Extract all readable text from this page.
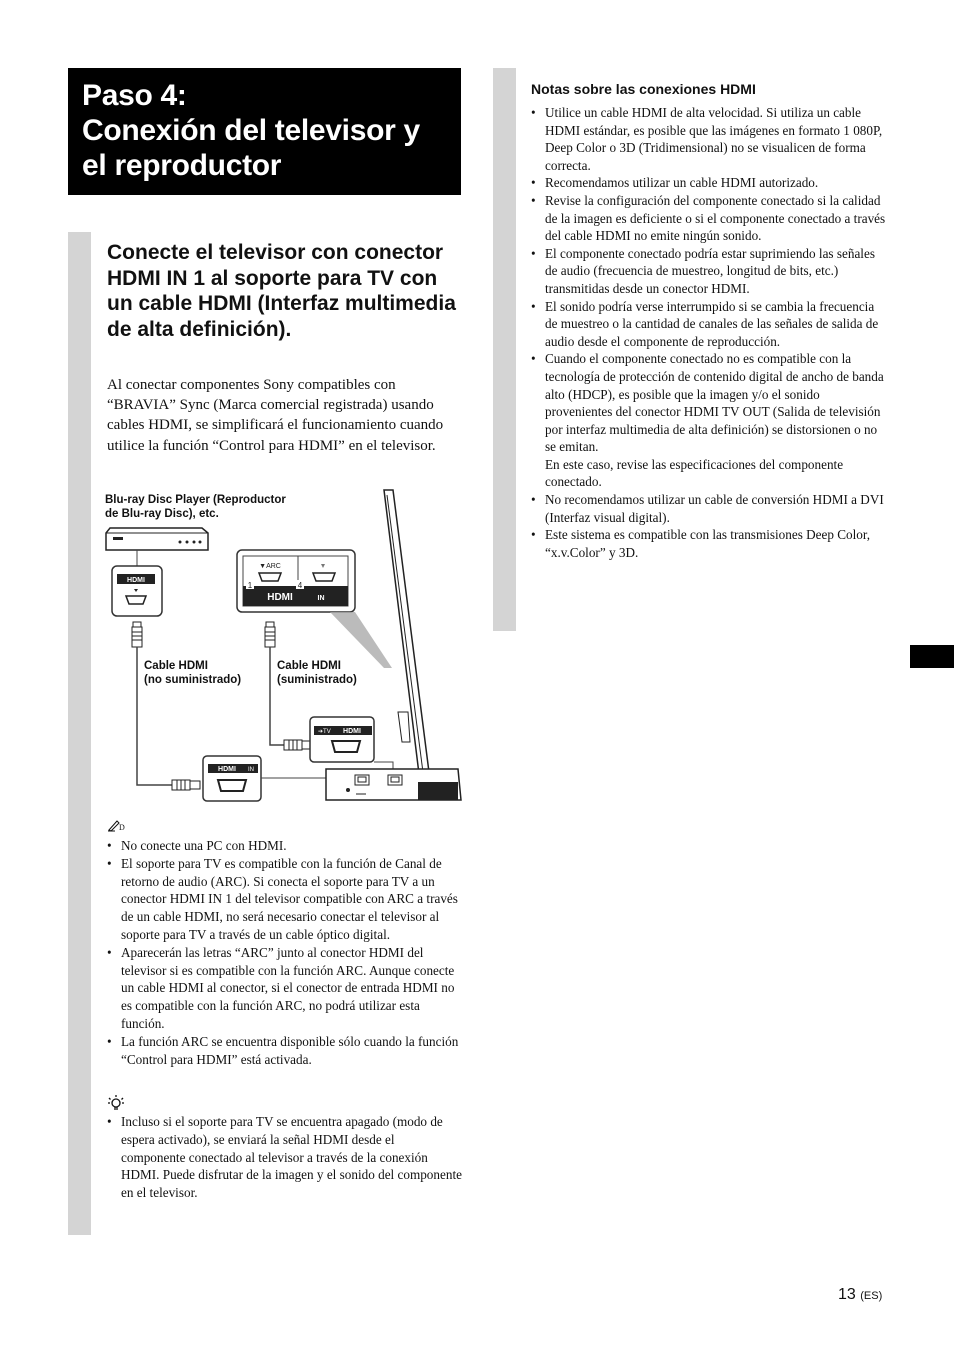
Paso 4:
Conexión del televisor y
el reproductor
Conecte el televisor con conector HDMI IN 1 al soporte para TV con un cable HDMI (Interfaz multimedia de alta definición).
Al conectar componentes Sony compatibles con “BRAVIA” Sync (Marca comercial registrada) usando cables HDMI, se simplificará el funcionamiento cuando utilice la función “Control para HDMI” en el televisor.
Blu-ray Disc Player (Reproductor
de Blu-ray Disc), etc.
Cable HDMI
(no suministrado)
Cable HDMI
(suministrado)
HDMI
▼ARC
1	4
HDMI	IN
➔TV HDMI
HDMI IN
D
• No conecte una PC con HDMI.
• El soporte para TV es compatible con la función de Canal de retorno de audio (ARC). Si conecta el soporte para TV a un conector HDMI IN 1 del televisor compatible con ARC a través de un cable HDMI, no será necesario conectar el televisor al soporte para TV a través de un cable óptico digital.
• Aparecerán las letras “ARC” junto al conector HDMI del televisor si es compatible con la función ARC. Aunque conecte un cable HDMI al conector, si el conector de entrada HDMI no es compatible con la función ARC, no podrá utilizar esta función.
• La función ARC se encuentra disponible sólo cuando la función “Control para HDMI” está activada.
• Incluso si el soporte para TV se encuentra apagado (modo de espera activado), se enviará la señal HDMI desde el componente conectado al televisor a través de la conexión HDMI. Puede disfrutar de la imagen y el sonido del componente en el televisor.
Notas sobre las conexiones HDMI
• Utilice un cable HDMI de alta velocidad. Si utiliza un cable HDMI estándar, es posible que las imágenes en formato 1 080P, Deep Color o 3D (Tridimensional) no se visualicen de forma correcta.
• Recomendamos utilizar un cable HDMI autorizado.
• Revise la configuración del componente conectado si la calidad de la imagen es deficiente o si el componente conectado a través del cable HDMI no emite ningún sonido.
• El componente conectado podría estar suprimiendo las señales de audio (frecuencia de muestreo, longitud de bits, etc.) transmitidas desde un conector HDMI.
• El sonido podría verse interrumpido si se cambia la frecuencia de muestreo o la cantidad de canales de las señales de salida de audio desde el componente de reproducción.
• Cuando el componente conectado no es compatible con la tecnología de protección de contenido digital de ancho de banda alto (HDCP), es posible que la imagen y/o el sonido provenientes del conector HDMI TV OUT (Salida de televisión por interfaz multimedia de alta definición) se distorsionen o no se emitan.
En este caso, revise las especificaciones del componente conectado.
• No recomendamos utilizar un cable de conversión HDMI a DVI (Interfaz visual digital).
• Este sistema es compatible con las transmisiones Deep Color, “x.v.Color” y 3D.
13 (ES)
